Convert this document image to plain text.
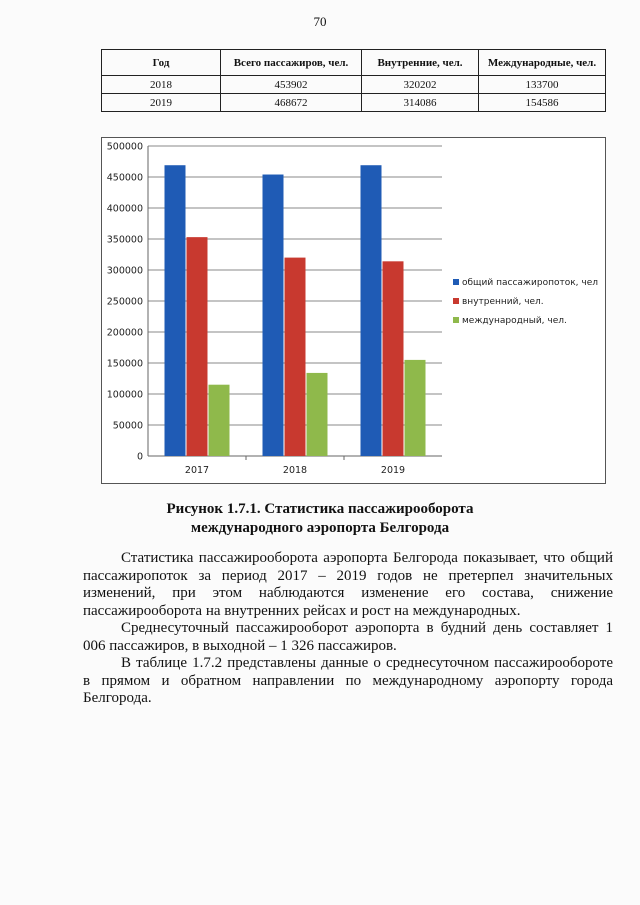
70
Год	Всего пассажиров, чел.	Внутренние, чел.	Международные, чел.
2018	453902	320202	133700
2019	468672	314086	154586
500000
450000
400000
350000
300000
250000
200000
150000
100000
50000
0
2017	2018	2019
общий пассажиропоток, чел
внутренний, чел.
международный, чел.
Рисунок 1.7.1. Статистика пассажирооборота
международного аэропорта Белгорода

Статистика пассажирооборота аэропорта Белгорода показывает, что общий пассажиропоток за период 2017 – 2019 годов не претерпел значительных изменений, при этом наблюдаются изменение его состава, снижение пассажирооборота на внутренних рейсах и рост на международных.

Среднесуточный пассажирооборот аэропорта в будний день составляет 1 006 пассажиров, в выходной – 1 326 пассажиров.

В таблице 1.7.2 представлены данные о среднесуточном пассажирообороте в прямом и обратном направлении по международному аэропорту города Белгорода.
